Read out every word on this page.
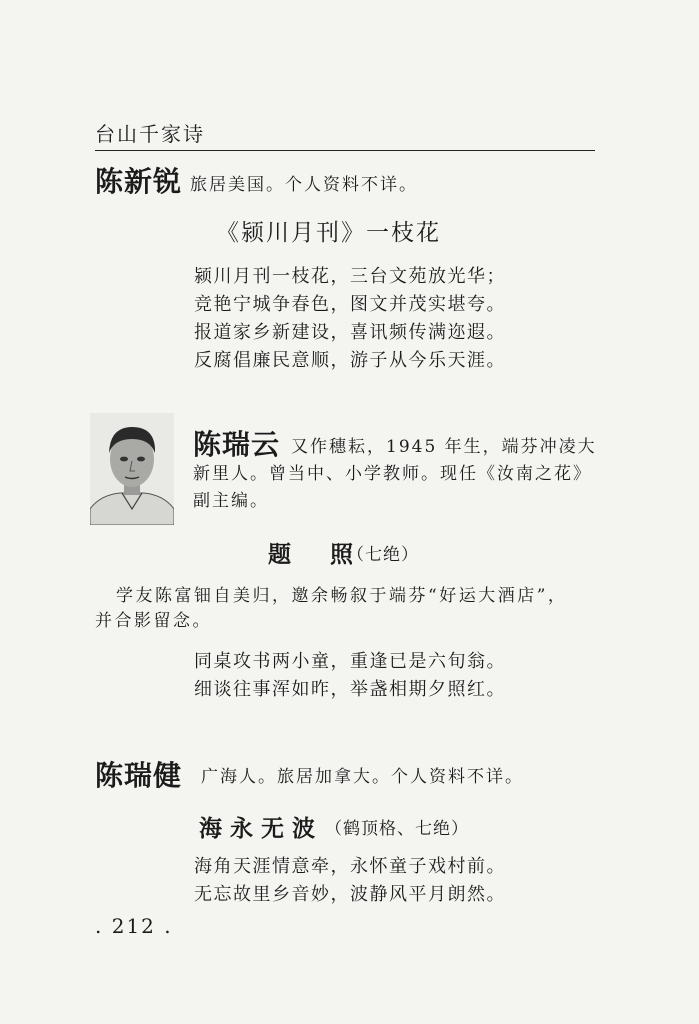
台山千家诗
陈新锐 旅居美国。个人资料不详。
《颍川月刊》一枝花
颍川月刊一枝花，三台文苑放光华；
竞艳宁城争春色，图文并茂实堪夸。
报道家乡新建设，喜讯频传满迩遐。
反腐倡廉民意顺，游子从今乐天涯。
陈瑞云 又作穗耘，1945 年生，端芬冲凌大
新里人。曾当中、小学教师。现任《汝南之花》
副主编。
题　照
（七绝）
学友陈富钿自美归，邀余畅叙于端芬“好运大酒店”，
并合影留念。
同桌攻书两小童，重逢已是六旬翁。
细谈往事浑如昨，举盏相期夕照红。
陈瑞健 广海人。旅居加拿大。个人资料不详。
海永无波 （鹤顶格、七绝）
海角天涯情意牵，永怀童子戏村前。
无忘故里乡音妙，波静风平月朗然。
. 212 .
